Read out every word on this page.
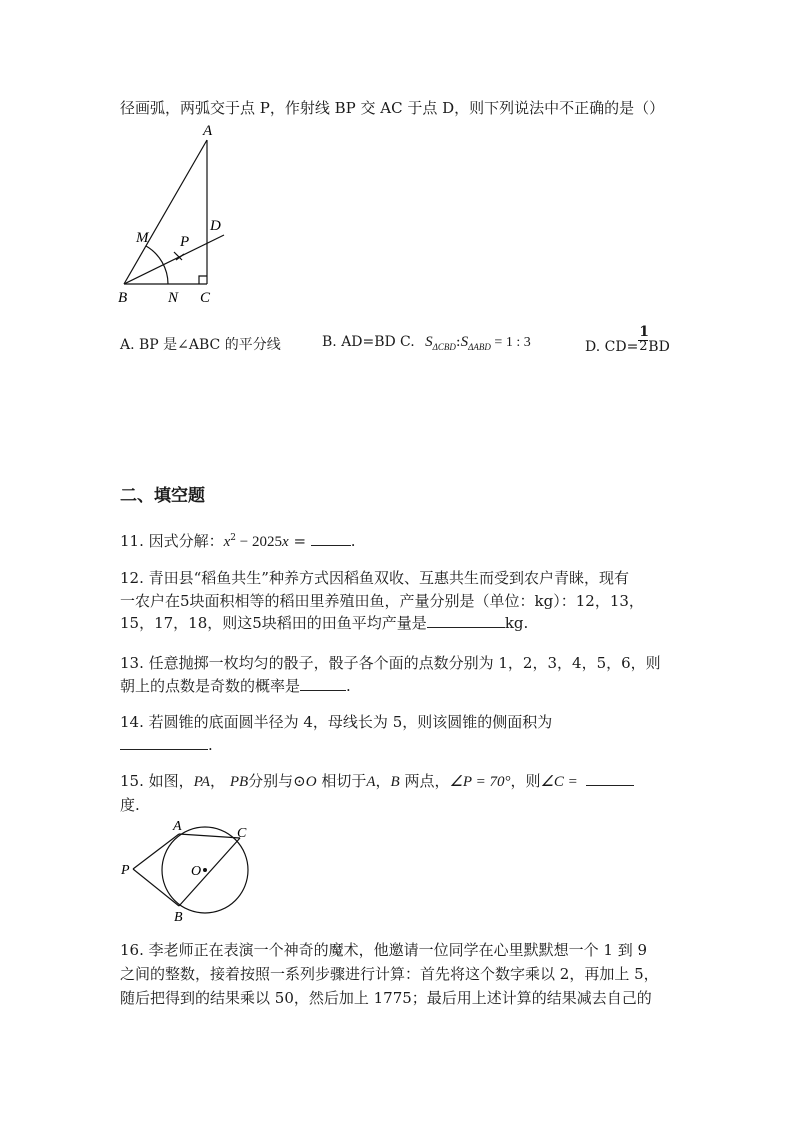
径画弧，两弧交于点 P，作射线 BP 交 AC 于点 D，则下列说法中不正确的是（）
A
M P
D
B	N C
A. BP 是∠ABC 的平分线	B. AD=BD C. $S_{\Delta CBD}:S_{\Delta ABD} = 1$ : 3	D. $CD= \frac{1}{2}$ BD
二、填空题
11. 因式分解：$x^2 - 2025x$ =	.
12. 青田县“稻鱼共生”种养方式因稻鱼双收、互惠共生而受到农户青睐，现有
一农户在5块面积相等的稻田里养殖田鱼，产量分别是（单位：kg）：12，13，
15，17，18，则这5块稻田的田鱼平均产量是	kg.
13. 任意抛掷一枚均匀的骰子，骰子各个面的点数分别为 1，2，3，4，5，6，则
朝上的点数是奇数的概率是	.
14. 若圆锥的底面圆半径为 4，母线长为 5，则该圆锥的侧面积为
.
15. 如图，PA， PB分别与⊙O 相切于A，B 两点，∠P = 70°，则∠C =
度.
A	C
P	O
B
16. 李老师正在表演一个神奇的魔术，他邀请一位同学在心里默默想一个 1 到 9
之间的整数，接着按照一系列步骤进行计算：首先将这个数字乘以 2，再加上 5，
随后把得到的结果乘以 50，然后加上 1775；最后用上述计算的结果减去自己的
